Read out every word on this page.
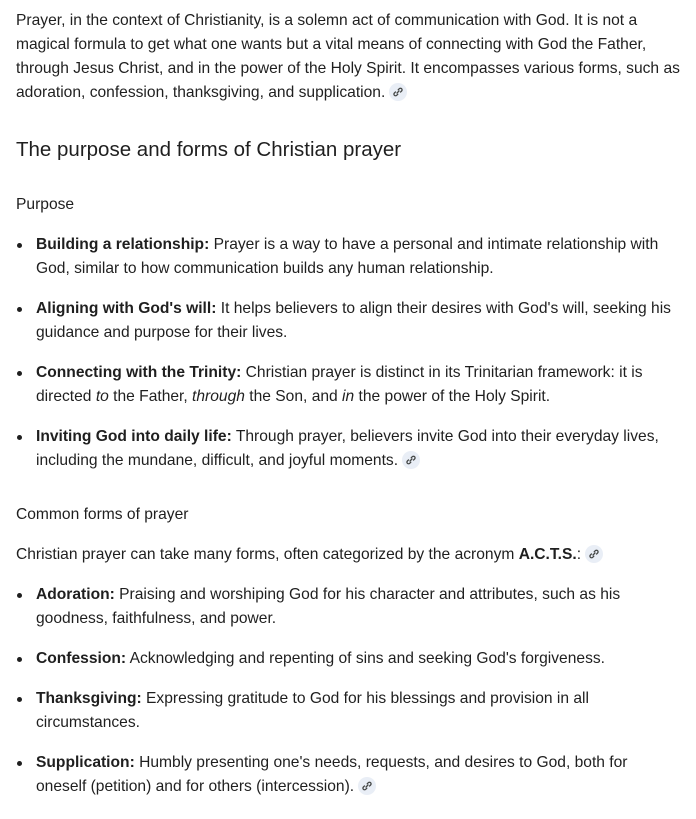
Prayer, in the context of Christianity, is a solemn act of communication with God. It is not a magical formula to get what one wants but a vital means of connecting with God the Father, through Jesus Christ, and in the power of the Holy Spirit. It encompasses various forms, such as adoration, confession, thanksgiving, and supplication.

The purpose and forms of Christian prayer
Purpose
Building a relationship: Prayer is a way to have a personal and intimate relationship with God, similar to how communication builds any human relationship.
Aligning with God's will: It helps believers to align their desires with God's will, seeking his guidance and purpose for their lives.
Connecting with the Trinity: Christian prayer is distinct in its Trinitarian framework: it is directed to the Father, through the Son, and in the power of the Holy Spirit.
Inviting God into daily life: Through prayer, believers invite God into their everyday lives, including the mundane, difficult, and joyful moments.
Common forms of prayer

Christian prayer can take many forms, often categorized by the acronym A.C.T.S.:

Adoration: Praising and worshiping God for his character and attributes, such as his goodness, faithfulness, and power.
Confession: Acknowledging and repenting of sins and seeking God's forgiveness.
Thanksgiving: Expressing gratitude to God for his blessings and provision in all circumstances.
Supplication: Humbly presenting one's needs, requests, and desires to God, both for oneself (petition) and for others (intercession).
